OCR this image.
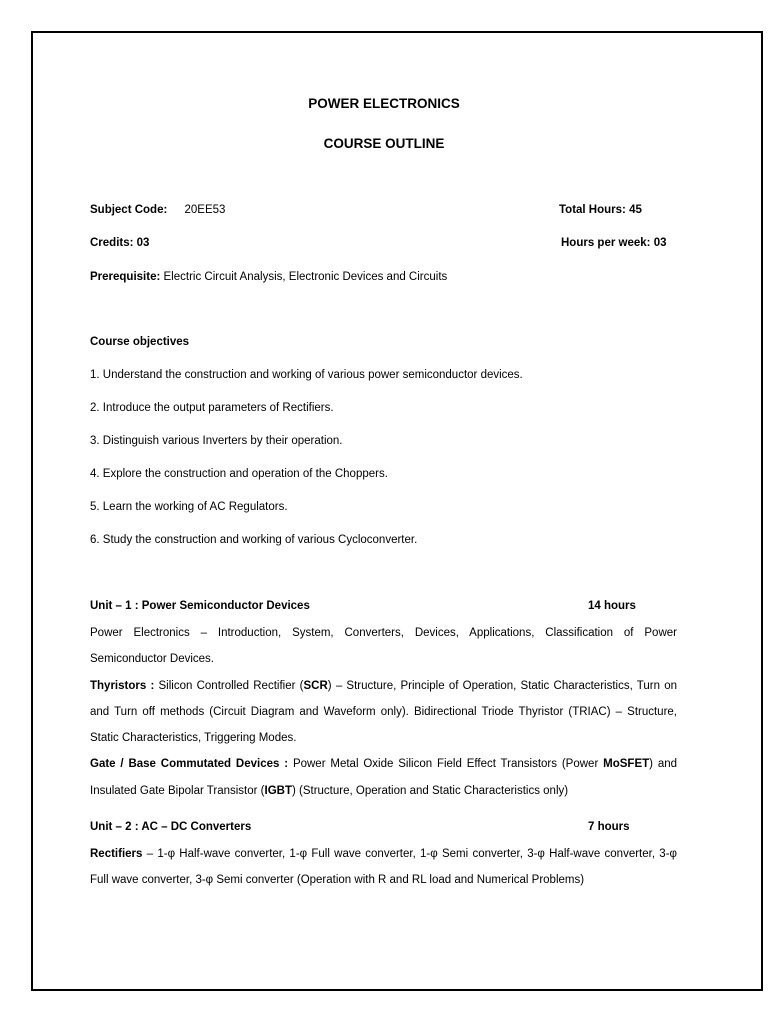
POWER ELECTRONICS
COURSE OUTLINE
Subject Code: 20EE53	Total Hours: 45
Credits: 03	Hours per week: 03
Prerequisite: Electric Circuit Analysis, Electronic Devices and Circuits
Course objectives
1. Understand the construction and working of various power semiconductor devices.
2. Introduce the output parameters of Rectifiers.
3. Distinguish various Inverters by their operation.
4. Explore the construction and operation of the Choppers.
5. Learn the working of AC Regulators.
6. Study the construction and working of various Cycloconverter.
Unit – 1 : Power Semiconductor Devices	14 hours

Power Electronics – Introduction, System, Converters, Devices, Applications, Classification of Power Semiconductor Devices.

Thyristors : Silicon Controlled Rectifier (SCR) – Structure, Principle of Operation, Static Characteristics, Turn on and Turn off methods (Circuit Diagram and Waveform only). Bidirectional Triode Thyristor (TRIAC) – Structure, Static Characteristics, Triggering Modes.

Gate / Base Commutated Devices : Power Metal Oxide Silicon Field Effect Transistors (Power MoSFET) and Insulated Gate Bipolar Transistor (IGBT) (Structure, Operation and Static Characteristics only)

Unit – 2 : AC – DC Converters	7 hours

Rectifiers – 1-φ Half-wave converter, 1-φ Full wave converter, 1-φ Semi converter, 3-φ Half-wave converter, 3-φ Full wave converter, 3-φ Semi converter (Operation with R and RL load and Numerical Problems)
